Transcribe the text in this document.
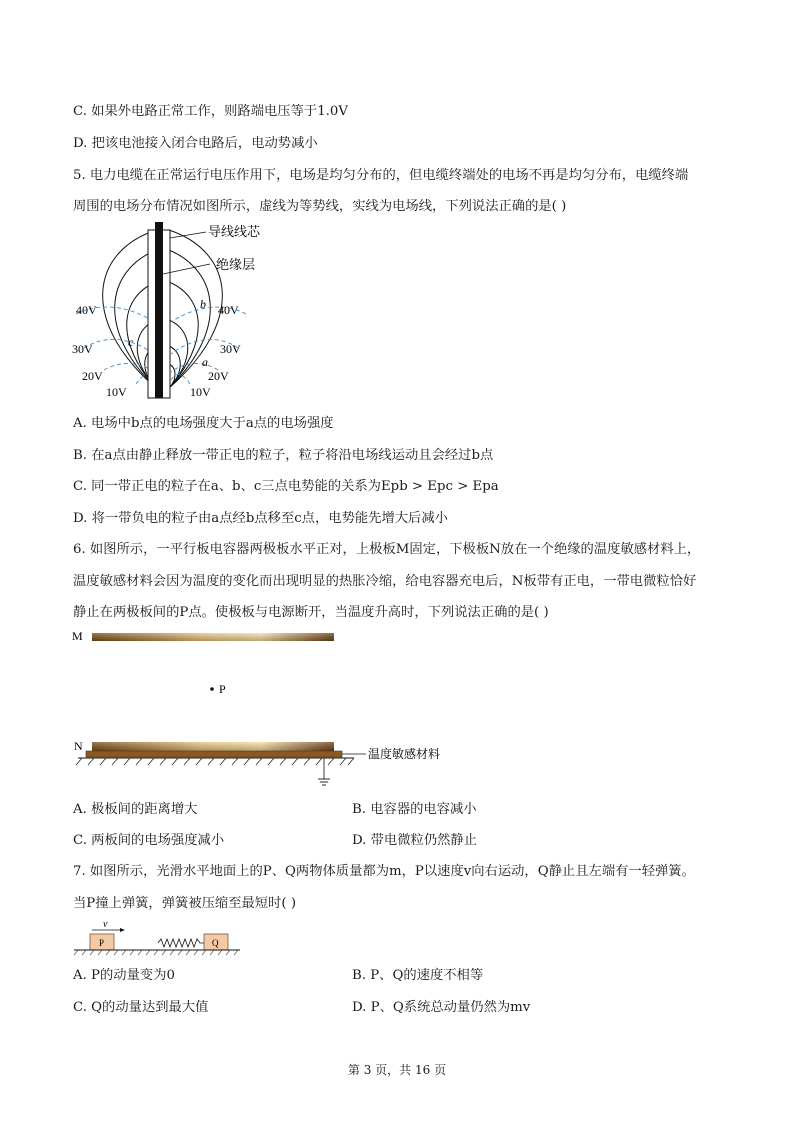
C. 如果外电路正常工作，则路端电压等于1.0V
D. 把该电池接入闭合电路后，电动势减小
5. 电力电缆在正常运行电压作用下，电场是均匀分布的，但电缆终端处的电场不再是均匀分布，电缆终端
周围的电场分布情况如图所示，虚线为等势线，实线为电场线，下列说法正确的是( )
导线线芯
绝缘层
40V
30V
20V
10V
40V
30V
20V
10V
b
c
a
A. 电场中b点的电场强度大于a点的电场强度
B. 在a点由静止释放一带正电的粒子，粒子将沿电场线运动且会经过b点
C. 同一带正电的粒子在a、b、c三点电势能的关系为Epb > Epc > Epa
D. 将一带负电的粒子由a点经b点移至c点，电势能先增大后减小
6. 如图所示，一平行板电容器两极板水平正对，上极板M固定，下极板N放在一个绝缘的温度敏感材料上，
温度敏感材料会因为温度的变化而出现明显的热胀冷缩，给电容器充电后，N板带有正电，一带电微粒恰好
静止在两极板间的P点。使极板与电源断开，当温度升高时，下列说法正确的是( )
M
P
N
温度敏感材料
A. 极板间的距离增大	B. 电容器的电容减小
C. 两板间的电场强度减小	D. 带电微粒仍然静止
7. 如图所示，光滑水平地面上的P、Q两物体质量都为m，P以速度v向右运动，Q静止且左端有一轻弹簧。
当P撞上弹簧，弹簧被压缩至最短时( )
v
P	Q
A. P的动量变为0	B. P、Q的速度不相等
C. Q的动量达到最大值	D. P、Q系统总动量仍然为mv
第 3 页，共 16 页
